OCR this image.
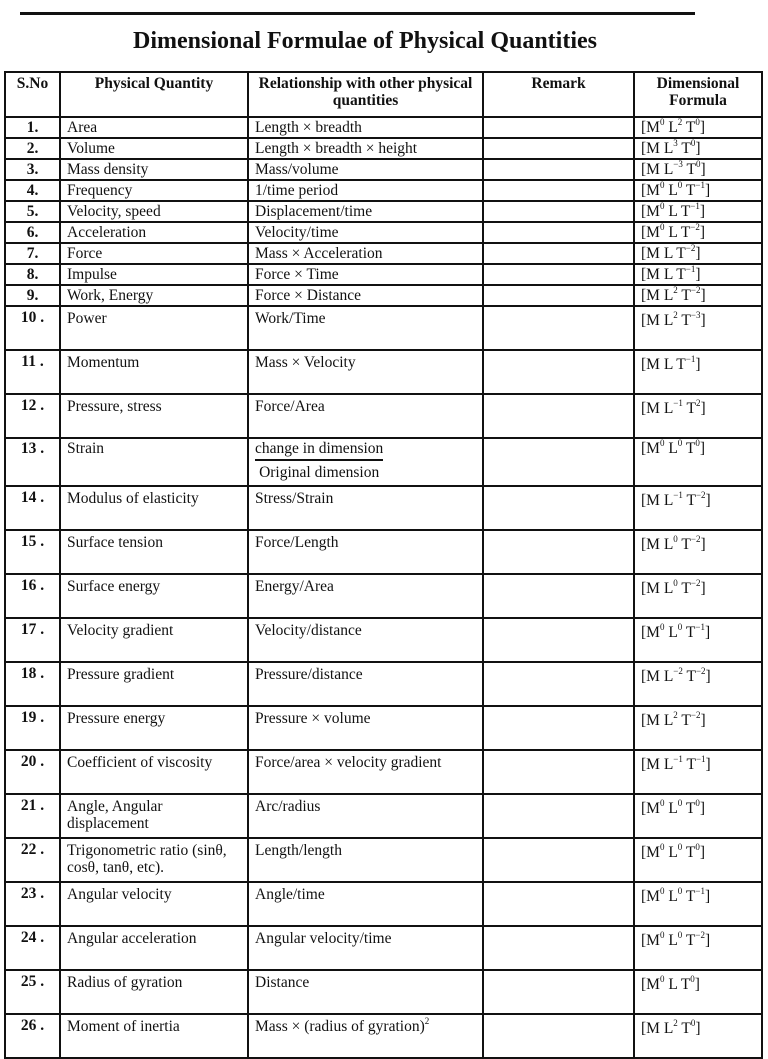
Dimensional Formulae of Physical Quantities
S.No	Physical Quantity	Relationship with other physical quantities	Remark	Dimensional Formula
1.	Area	Length × breadth		[$M^0$ $L^2$ $T^0$]
2.	Volume	Length × breadth × height		[M $L^3$ $T^0$]
3.	Mass density	Mass/volume		[M $L^{-3}$ $T^0$]
4.	Frequency	1/time period		[$M^0$ $L^0$ $T^{-1}$]
5.	Velocity, speed	Displacement/time		[$M^0$ L $T^{-1}$]
6.	Acceleration	Velocity/time		[$M^0$ L $T^{-2}$]
7.	Force	Mass × Acceleration		[M L $T^{-2}$]
8.	Impulse	Force × Time		[M L $T^{-1}$]
9.	Work, Energy	Force × Distance		[M $L^2$ $T^{-2}$]
10 .	Power	Work/Time		[M $L^2$ $T^{-3}$]
11 .	Momentum	Mass × Velocity		[M L $T^{-1}$]
12 .	Pressure, stress	Force/Area		[M $L^{-1}$ $T^2$]
13 .	Strain	$\frac{\text{change in dimension}}{\text{Original dimension}}$		[$M^0$ $L^0$ $T^0$]
14 .	Modulus of elasticity	Stress/Strain		[M $L^{-1}$ $T^{-2}$]
15 .	Surface tension	Force/Length		[M $L^0$ $T^{-2}$]
16 .	Surface energy	Energy/Area		[M $L^0$ $T^{-2}$]
17 .	Velocity gradient	Velocity/distance		[$M^0$ $L^0$ $T^{-1}$]
18 .	Pressure gradient	Pressure/distance		[M $L^{-2}$ $T^{-2}$]
19 .	Pressure energy	Pressure × volume		[M $L^2$ $T^{-2}$]
20 .	Coefficient of viscosity	Force/area × velocity gradient		[M $L^{-1}$ $T^{-1}$]
21 .	Angle, Angular displacement	Arc/radius		[$M^0$ $L^0$ $T^0$]
22 .	Trigonometric ratio (sinθ, cosθ, tanθ, etc).	Length/length		[$M^0$ $L^0$ $T^0$]
23 .	Angular velocity	Angle/time		[$M^0$ $L^0$ $T^{-1}$]
24 .	Angular acceleration	Angular velocity/time		[$M^0$ $L^0$ $T^{-2}$]
25 .	Radius of gyration	Distance		[$M^0$ L $T^0$]
26 .	Moment of inertia	Mass × (radius of gyration)$^2$		[M $L^2$ $T^0$]
